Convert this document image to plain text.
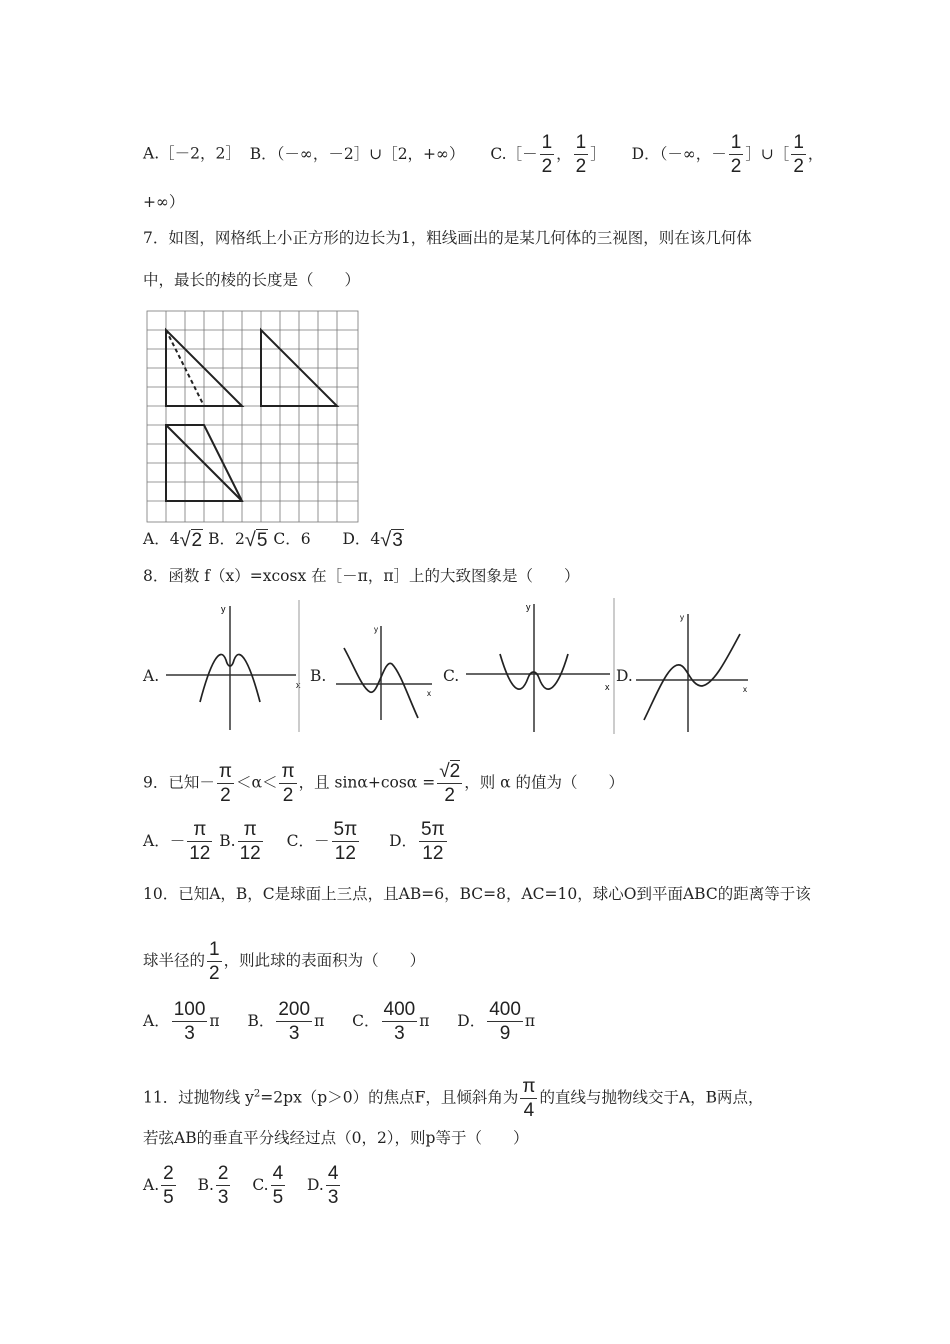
A.［－2，2］ B．（－∞，－2］∪［2，+∞） C.［－ $\frac{1}{2}$ ， $\frac{1}{2}$ ］ D．（－∞，－ $\frac{1}{2}$ ］∪［ $\frac{1}{2}$ ，
+∞）
7．如图，网格纸上小正方形的边长为1，粗线画出的是某几何体的三视图，则在该几何体
中，最长的棱的长度是（　　）
A．4√2 B．2√5 C．6 D．4√3
8．函数 f（x）=xcosx 在［－π，π］上的大致图象是（　　）
A.	x
y
B.
x
y
C.
x
y
D.
x
y
9．已知－ $\frac{\pi}{2} <\alpha< \frac{\pi}{2}$ ，且 $\sin\alpha+\cos\alpha = \frac{√2}{2}$ ，则 α 的值为（　　）
A．－ $\frac{\pi}{12} B$. $\frac{\pi}{12}$ C．－ $\frac{5\pi}{12}$ D． $\frac{5\pi}{12}$
10．已知A，B，C是球面上三点，且AB=6，BC=8，AC=10，球心O到平面ABC的距离等于该
球半径的 $\frac{1}{2}$ ，则此球的表面积为（　　）
A． $\frac{100}{3}$ π B． $\frac{200}{3}$ π C． $\frac{400}{3}$ π D． $\frac{400}{9}$ π
11．过抛物线 $y^2=2px(p>0)$的焦点F，且倾斜角为 $\frac{\pi}{4}$ 的直线与抛物线交于A，B两点，
若弦AB的垂直平分线经过点（0，2），则p等于（　　）
A. $\frac{2}{5} B$. $\frac{2}{3} C$. $\frac{4}{5} D$. $\frac{4}{3}$
